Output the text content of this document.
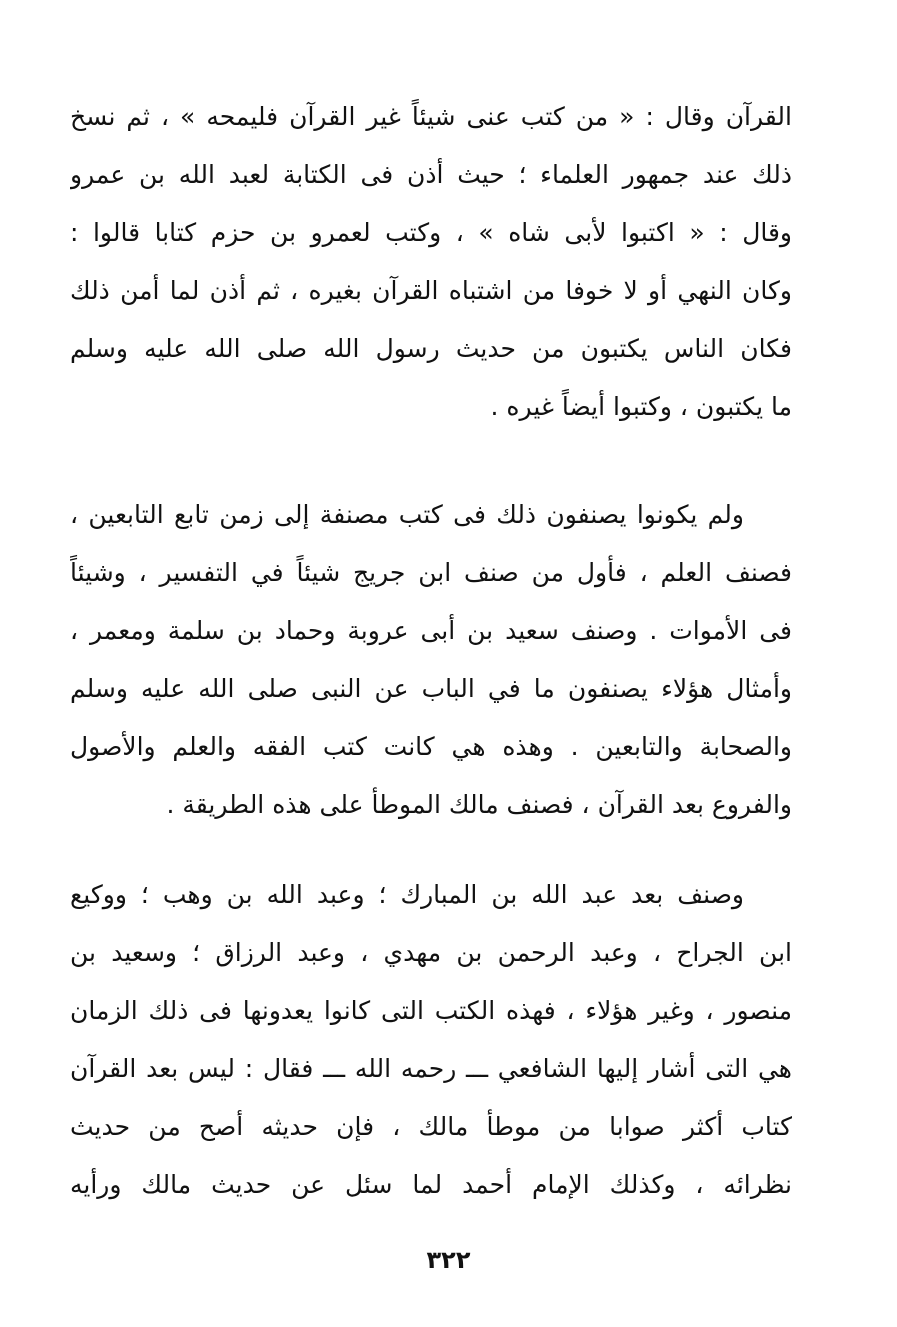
القرآن وقال : « من كتب عنى شيئاً غير القرآن فليمحه » ، ثم نسخ
ذلك عند جمهور العلماء ؛ حيث أذن فى الكتابة لعبد الله بن عمرو
وقال : « اكتبوا لأبى شاه » ، وكتب لعمرو بن حزم كتابا قالوا :
وكان النهي أو لا خوفا من اشتباه القرآن بغيره ، ثم أذن لما أمن ذلك
فكان الناس يكتبون من حديث رسول الله صلى الله عليه وسلم
ما يكتبون ، وكتبوا أيضاً غيره .
ولم يكونوا يصنفون ذلك فى كتب مصنفة إلى زمن تابع التابعين ،
فصنف العلم ، فأول من صنف ابن جريج شيئاً في التفسير ، وشيئاً
فى الأموات . وصنف سعيد بن أبى عروبة وحماد بن سلمة ومعمر ،
وأمثال هؤلاء يصنفون ما في الباب عن النبى صلى الله عليه وسلم
والصحابة والتابعين . وهذه هي كانت كتب الفقه والعلم والأصول
والفروع بعد القرآن ، فصنف مالك الموطأ على هذه الطريقة .
وصنف بعد عبد الله بن المبارك ؛ وعبد الله بن وهب ؛ ووكيع
ابن الجراح ، وعبد الرحمن بن مهدي ، وعبد الرزاق ؛ وسعيد بن
منصور ، وغير هؤلاء ، فهذه الكتب التى كانوا يعدونها فى ذلك الزمان
هي التى أشار إليها الشافعي ـــ رحمه الله ـــ فقال : ليس بعد القرآن
كتاب أكثر صوابا من موطأ مالك ، فإن حديثه أصح من حديث
نظرائه ، وكذلك الإمام أحمد لما سئل عن حديث مالك ورأيه
٣٢٢
